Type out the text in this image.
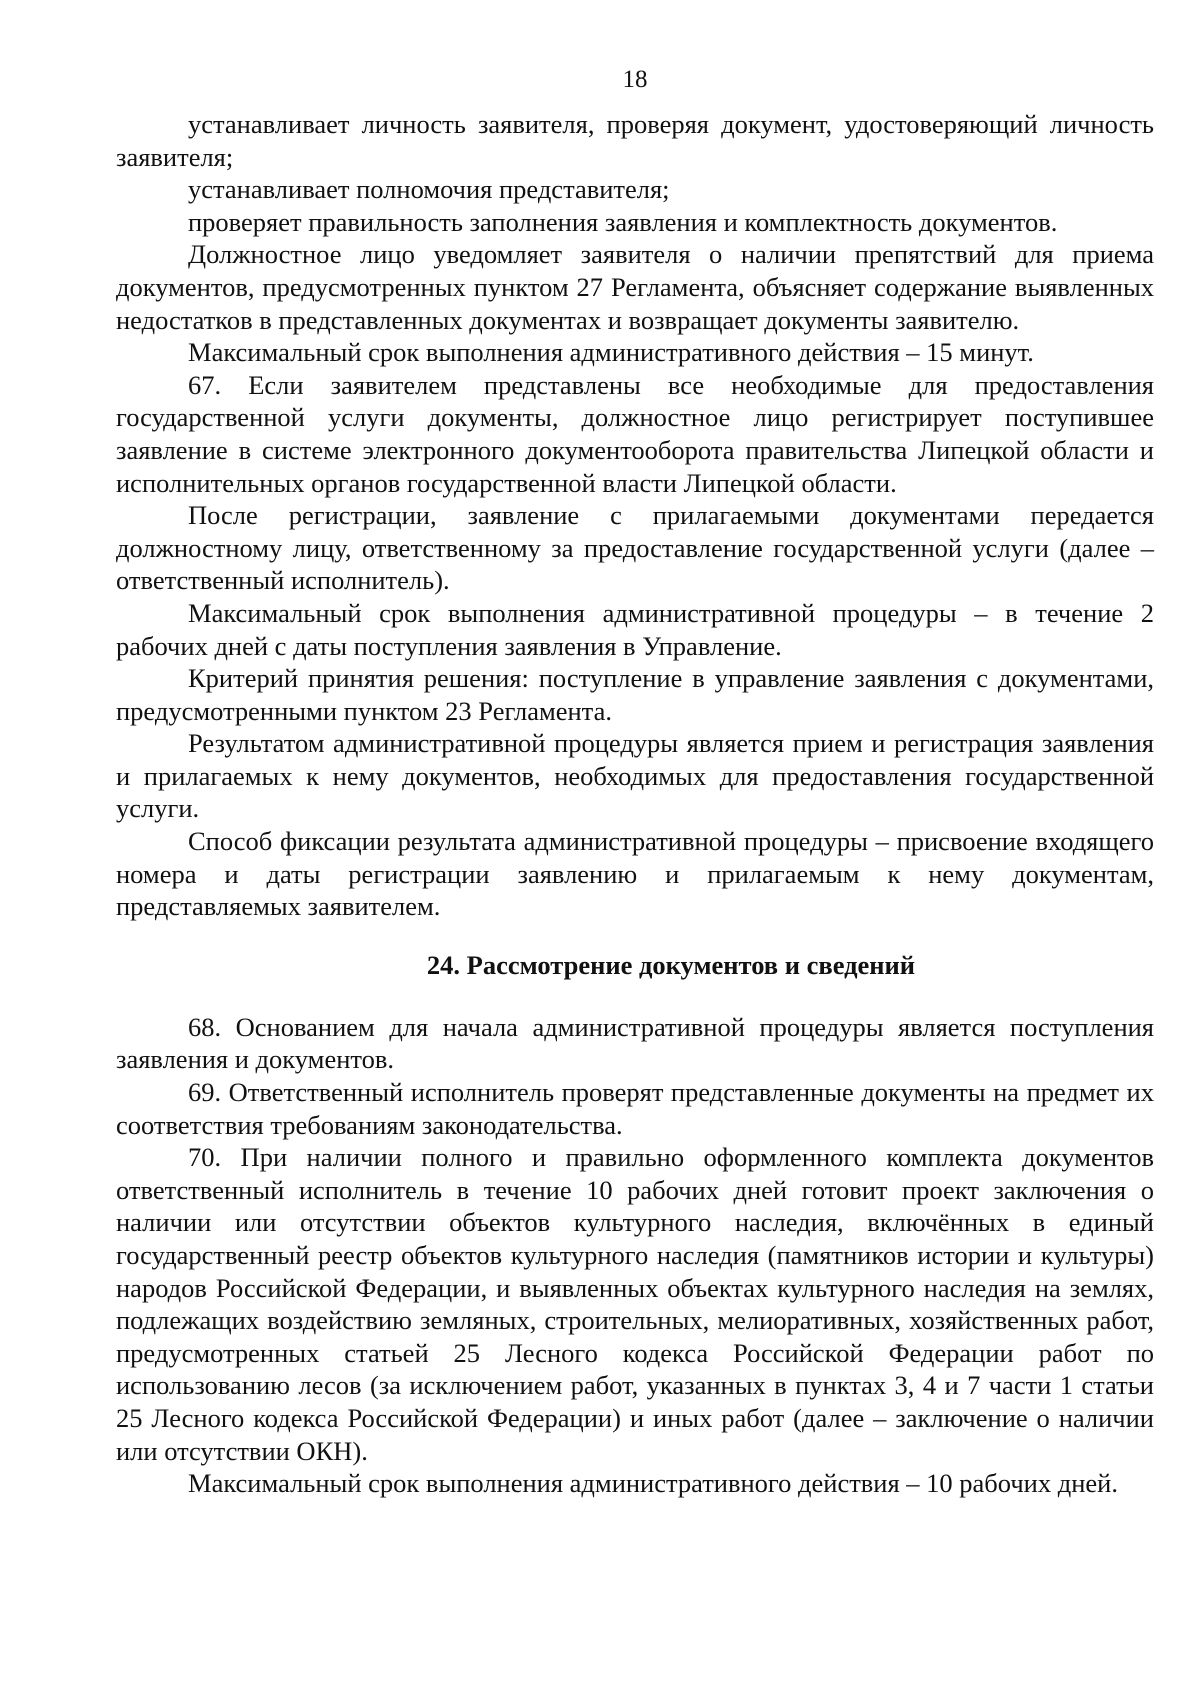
18

устанавливает личность заявителя, проверяя документ, удостоверяющий личность заявителя;

устанавливает полномочия представителя;

проверяет правильность заполнения заявления и комплектность документов.

Должностное лицо уведомляет заявителя о наличии препятствий для приема документов, предусмотренных пунктом 27 Регламента, объясняет содержание выявленных недостатков в представленных документах и возвращает документы заявителю.

Максимальный срок выполнения административного действия – 15 минут.

67. Если заявителем представлены все необходимые для предоставления государственной услуги документы, должностное лицо регистрирует поступившее заявление в системе электронного документооборота правительства Липецкой области и исполнительных органов государственной власти Липецкой области.

После регистрации, заявление с прилагаемыми документами передается должностному лицу, ответственному за предоставление государственной услуги (далее – ответственный исполнитель).

Максимальный срок выполнения административной процедуры – в течение 2 рабочих дней с даты поступления заявления в Управление.

Критерий принятия решения: поступление в управление заявления с документами, предусмотренными пунктом 23 Регламента.

Результатом административной процедуры является прием и регистрация заявления и прилагаемых к нему документов, необходимых для предоставления государственной услуги.

Способ фиксации результата административной процедуры – присвоение входящего номера и даты регистрации заявлению и прилагаемым к нему документам, представляемых заявителем.

24. Рассмотрение документов и сведений

68. Основанием для начала административной процедуры является поступления заявления и документов.

69. Ответственный исполнитель проверят представленные документы на предмет их соответствия требованиям законодательства.

70. При наличии полного и правильно оформленного комплекта документов ответственный исполнитель в течение 10 рабочих дней готовит проект заключения о наличии или отсутствии объектов культурного наследия, включённых в единый государственный реестр объектов культурного наследия (памятников истории и культуры) народов Российской Федерации, и выявленных объектах культурного наследия на землях, подлежащих воздействию земляных, строительных, мелиоративных, хозяйственных работ, предусмотренных статьей 25 Лесного кодекса Российской Федерации работ по использованию лесов (за исключением работ, указанных в пунктах 3, 4 и 7 части 1 статьи 25 Лесного кодекса Российской Федерации) и иных работ (далее – заключение о наличии или отсутствии ОКН).

Максимальный срок выполнения административного действия – 10 рабочих дней.
